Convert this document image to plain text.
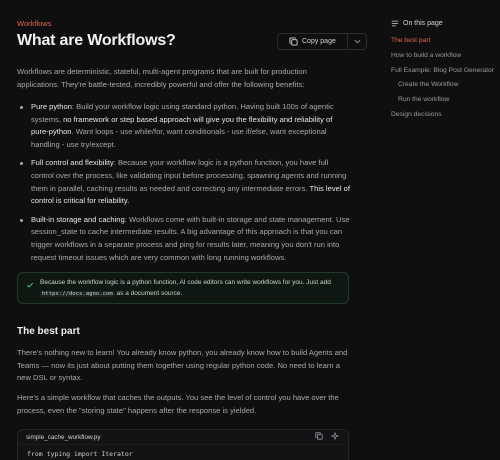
Workflows
What are Workflows?	Copy page

Workflows are deterministic, stateful, multi-agent programs that are built for production applications. They're battle-tested, incredibly powerful and offer the following benefits:

Pure python: Build your workflow logic using standard python. Having built 100s of agentic systems, no framework or step based approach will give you the flexibility and reliability of pure-python. Want loops - use while/for, want conditionals - use if/else, want exceptional handling - use try/except.
Full control and flexibility: Because your workflow logic is a python function, you have full control over the process, like validating input before processing, spawning agents and running them in parallel, caching results as needed and correcting any intermediate errors. This level of control is critical for reliability.
Built-in storage and caching: Workflows come with built-in storage and state management. Use session_state to cache intermediate results. A big advantage of this approach is that you can trigger workflows in a separate process and ping for results later, meaning you don't run into request timeout issues which are very common with long running workflows.
Because the workflow logic is a python function, AI code editors can write workflows for you. Just add https://docs.agno.com as a document source.
The best part

There's nothing new to learn! You already know python, you already know how to build Agents and Teams — now its just about putting them together using regular python code. No need to learn a new DSL or syntax.

Here's a simple workflow that caches the outputs. You see the level of control you have over the process, even the "storing state" happens after the response is yielded.

simple_cache_workflow.py
from typing import Iterator
On this page
The best part
How to build a workflow
Full Example: Blog Post Generator
Create the Workflow
Run the workflow
Design decisions
